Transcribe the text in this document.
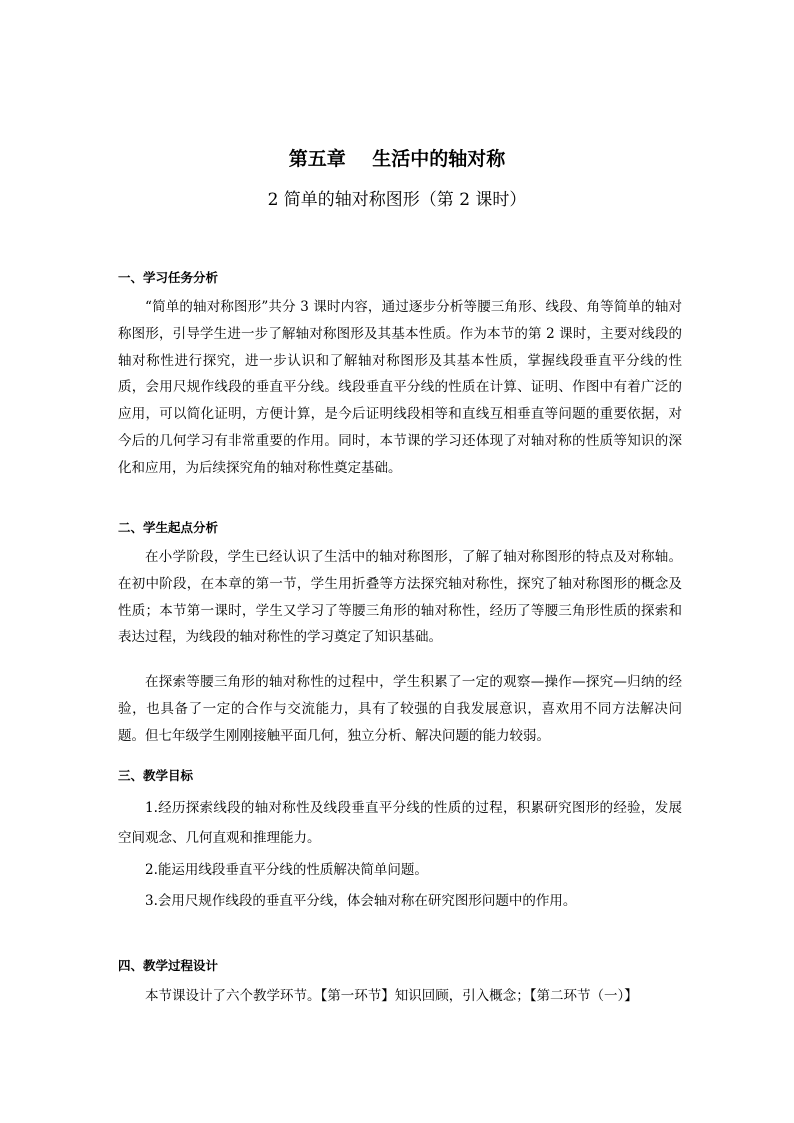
第五章    生活中的轴对称
2 简单的轴对称图形（第 2 课时）
一、学习任务分析

“简单的轴对称图形”共分 3 课时内容，通过逐步分析等腰三角形、线段、角等简单的轴对称图形，引导学生进一步了解轴对称图形及其基本性质。作为本节的第 2 课时，主要对线段的轴对称性进行探究，进一步认识和了解轴对称图形及其基本性质，掌握线段垂直平分线的性质，会用尺规作线段的垂直平分线。线段垂直平分线的性质在计算、证明、作图中有着广泛的应用，可以简化证明，方便计算，是今后证明线段相等和直线互相垂直等问题的重要依据，对今后的几何学习有非常重要的作用。同时，本节课的学习还体现了对轴对称的性质等知识的深化和应用，为后续探究角的轴对称性奠定基础。

二、学生起点分析

在小学阶段，学生已经认识了生活中的轴对称图形，了解了轴对称图形的特点及对称轴。在初中阶段，在本章的第一节，学生用折叠等方法探究轴对称性，探究了轴对称图形的概念及性质；本节第一课时，学生又学习了等腰三角形的轴对称性，经历了等腰三角形性质的探索和表达过程，为线段的轴对称性的学习奠定了知识基础。

在探索等腰三角形的轴对称性的过程中，学生积累了一定的观察—操作—探究—归纳的经验，也具备了一定的合作与交流能力，具有了较强的自我发展意识，喜欢用不同方法解决问题。但七年级学生刚刚接触平面几何，独立分析、解决问题的能力较弱。

三、教学目标

1.经历探索线段的轴对称性及线段垂直平分线的性质的过程，积累研究图形的经验，发展空间观念、几何直观和推理能力。

2.能运用线段垂直平分线的性质解决简单问题。

3.会用尺规作线段的垂直平分线，体会轴对称在研究图形问题中的作用。

四、教学过程设计

本节课设计了六个教学环节。【第一环节】知识回顾，引入概念；【第二环节（一）】
